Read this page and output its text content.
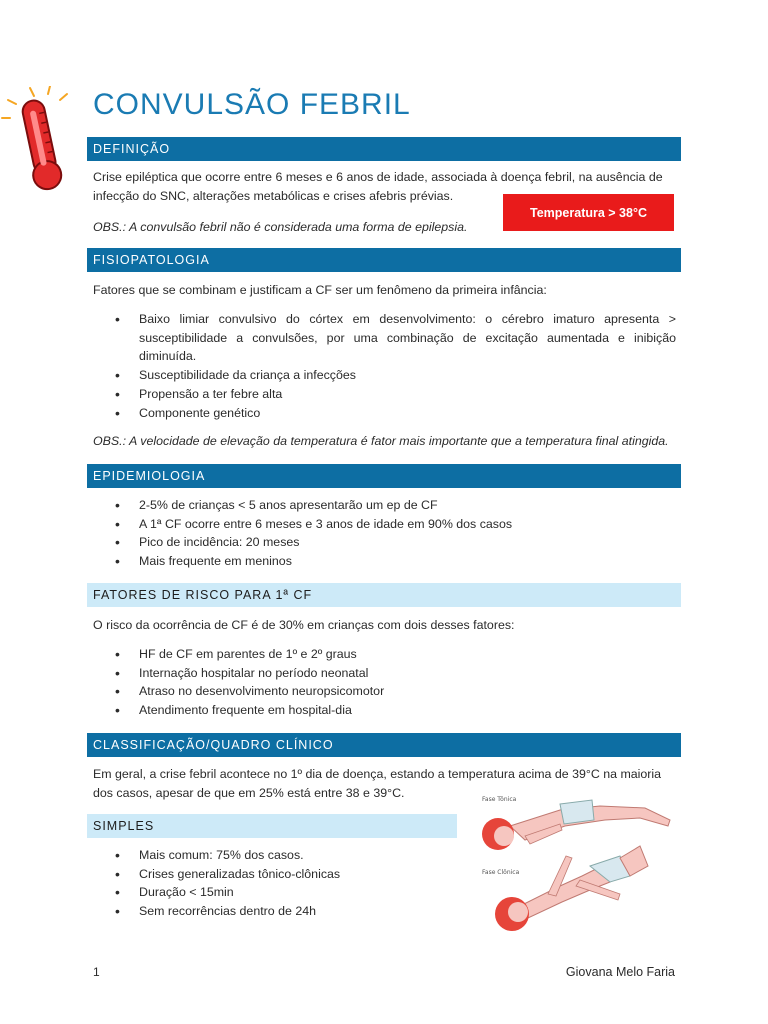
CONVULSÃO FEBRIL
DEFINIÇÃO
Crise epiléptica que ocorre entre 6 meses e 6 anos de idade, associada à doença febril, na ausência de
infecção do SNC, alterações metabólicas e crises afebris prévias.
OBS.: A convulsão febril não é considerada uma forma de epilepsia.
Temperatura > 38°C
FISIOPATOLOGIA
Fatores que se combinam e justificam a CF ser um fenômeno da primeira infância:
• Baixo limiar convulsivo do córtex em desenvolvimento: o cérebro imaturo apresenta > susceptibilidade a convulsões, por uma combinação de excitação aumentada e inibição diminuída.
• Susceptibilidade da criança a infecções
• Propensão a ter febre alta
• Componente genético
OBS.: A velocidade de elevação da temperatura é fator mais importante que a temperatura final atingida.
EPIDEMIOLOGIA
• 2-5% de crianças < 5 anos apresentarão um ep de CF
• A 1ª CF ocorre entre 6 meses e 3 anos de idade em 90% dos casos
• Pico de incidência: 20 meses
• Mais frequente em meninos
FATORES DE RISCO PARA 1ª CF
O risco da ocorrência de CF é de 30% em crianças com dois desses fatores:
• HF de CF em parentes de 1º e 2º graus
• Internação hospitalar no período neonatal
• Atraso no desenvolvimento neuropsicomotor
• Atendimento frequente em hospital-dia
CLASSIFICAÇÃO/QUADRO CLÍNICO
Em geral, a crise febril acontece no 1º dia de doença, estando a temperatura acima de 39°C na maioria
dos casos, apesar de que em 25% está entre 38 e 39°C.
SIMPLES
• Mais comum: 75% dos casos.
• Crises generalizadas tônico-clônicas
• Duração < 15min
• Sem recorrências dentro de 24h
Fase Tônica
Fase Clônica
1	Giovana Melo Faria
